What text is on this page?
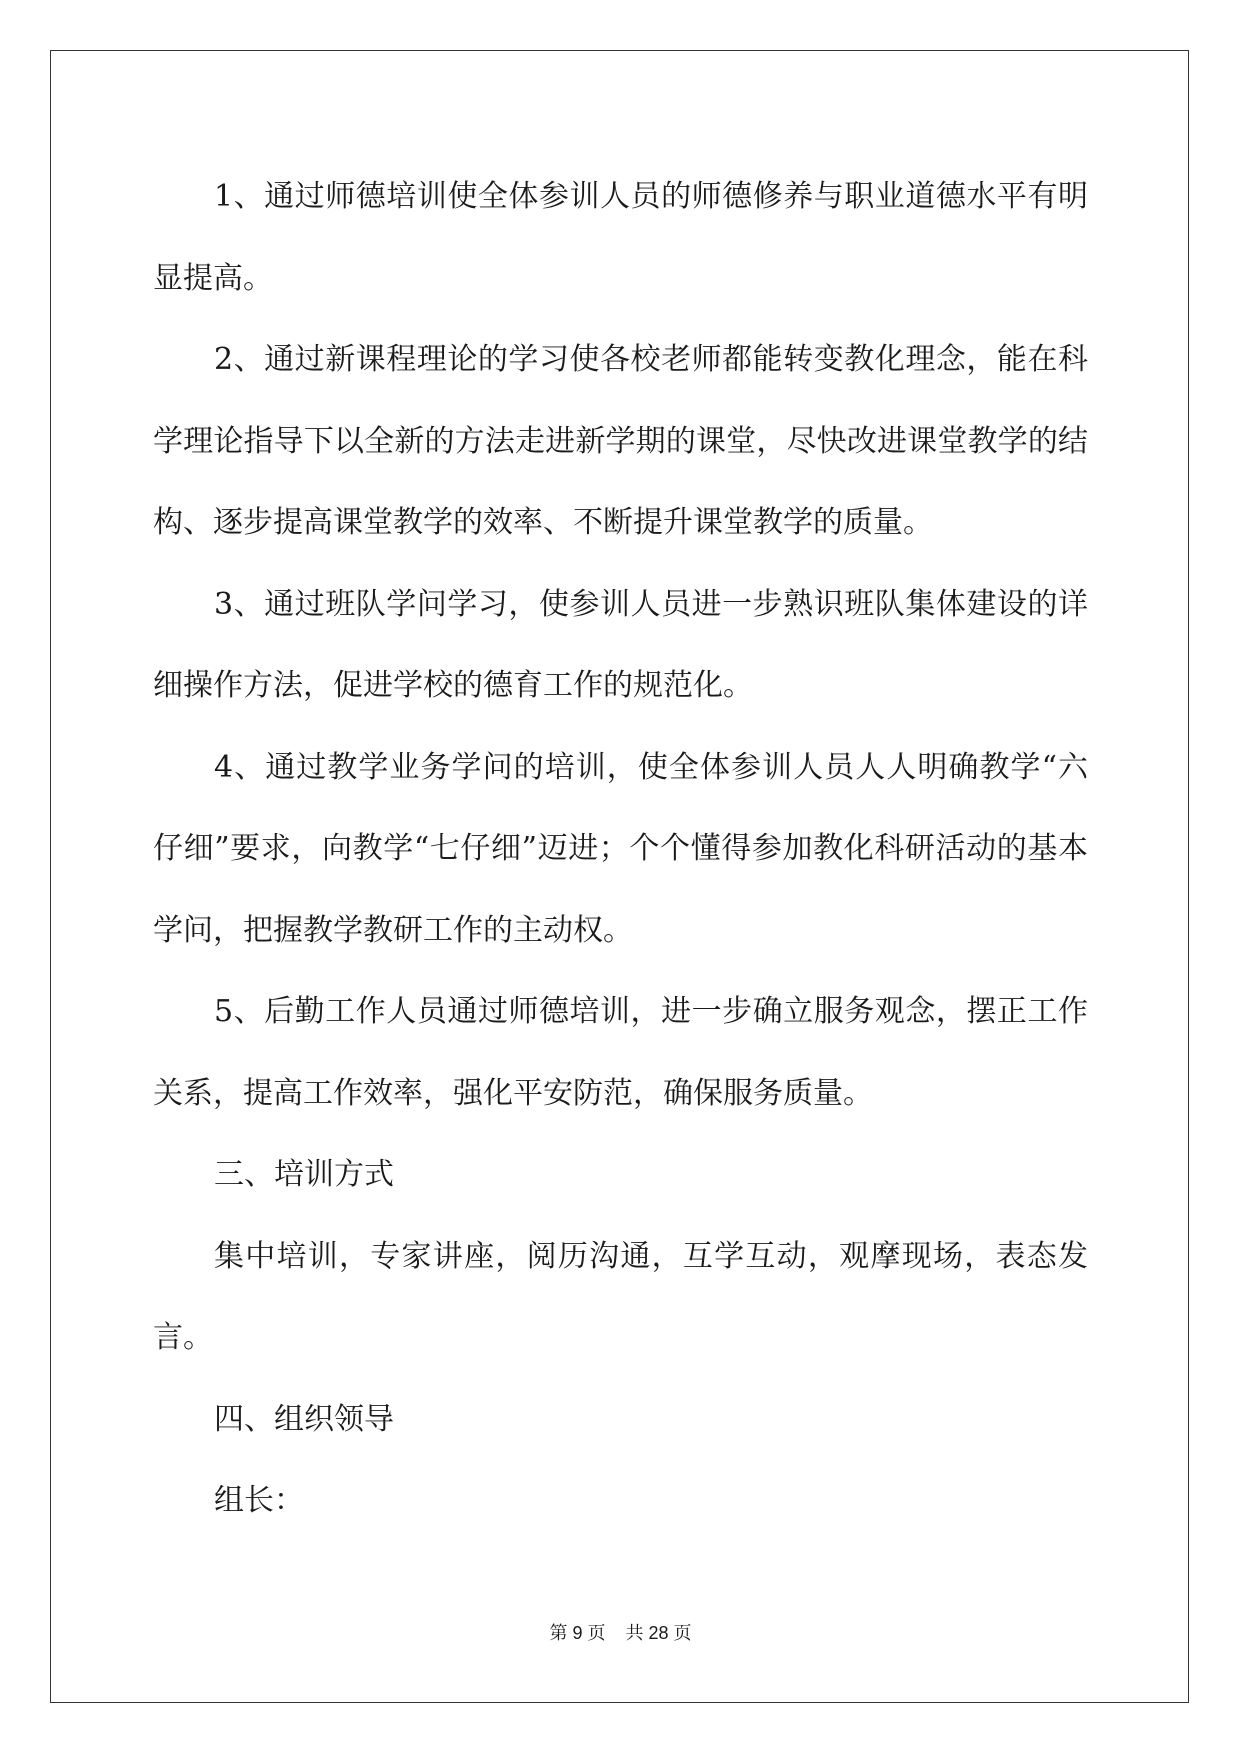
1、通过师德培训使全体参训人员的师德修养与职业道德水平有明显提高。

2、通过新课程理论的学习使各校老师都能转变教化理念，能在科学理论指导下以全新的方法走进新学期的课堂，尽快改进课堂教学的结构、逐步提高课堂教学的效率、不断提升课堂教学的质量。

3、通过班队学问学习，使参训人员进一步熟识班队集体建设的详细操作方法，促进学校的德育工作的规范化。

4、通过教学业务学问的培训，使全体参训人员人人明确教学“六仔细”要求，向教学“七仔细”迈进；个个懂得参加教化科研活动的基本学问，把握教学教研工作的主动权。

5、后勤工作人员通过师德培训，进一步确立服务观念，摆正工作关系，提高工作效率，强化平安防范，确保服务质量。

三、培训方式

集中培训，专家讲座，阅历沟通，互学互动，观摩现场，表态发言。

四、组织领导

组长：

第 9 页    共 28 页
